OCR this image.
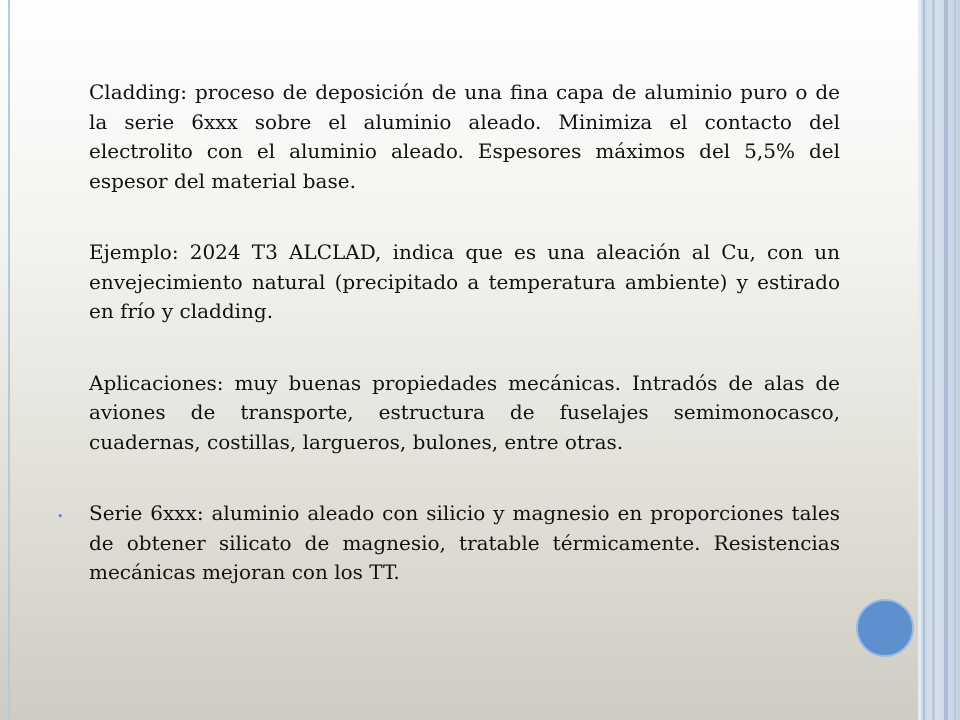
Cladding: proceso de deposición de una fina capa de aluminio puro o de la serie 6xxx sobre el aluminio aleado. Minimiza el contacto del electrolito con el aluminio aleado. Espesores máximos del 5,5% del espesor del material base.

Ejemplo: 2024 T3 ALCLAD, indica que es una aleación al Cu, con un envejecimiento natural (precipitado a temperatura ambiente) y estirado en frío y cladding.

Aplicaciones: muy buenas propiedades mecánicas. Intradós de alas de aviones de transporte, estructura de fuselajes semimonocasco, cuadernas, costillas, largueros, bulones, entre otras.

• Serie 6xxx: aluminio aleado con silicio y magnesio en proporciones tales de obtener silicato de magnesio, tratable térmicamente. Resistencias mecánicas mejoran con los TT.
